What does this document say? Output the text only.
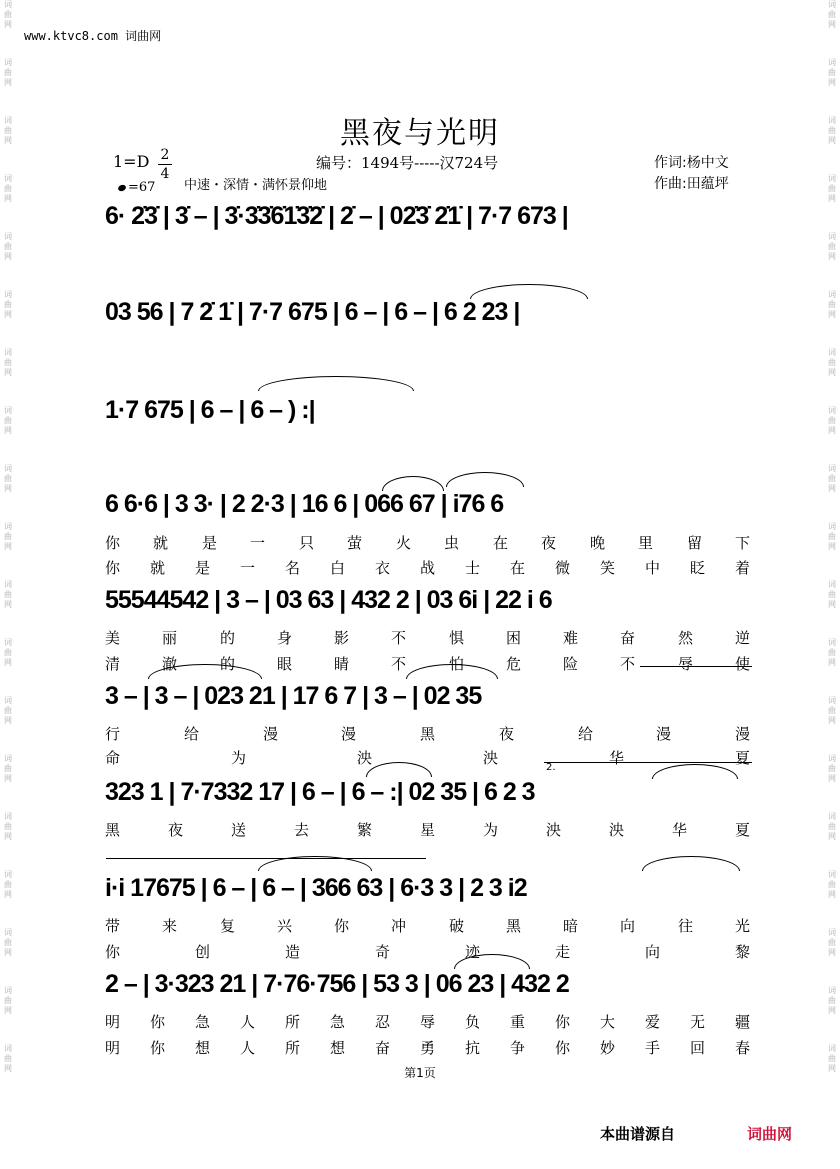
词
曲
网
词
曲
网
词
曲
网
词
曲
网
词
曲
网
词
曲
网
词
曲
网
词
曲
网
词
曲
网
词
曲
网
词
曲
网
词
曲
网
词
曲
网
词
曲
网
词
曲
网
词
曲
网
词
曲
网
词
曲
网
词
曲
网
词
曲
网
词
曲
网
词
曲
网
词
曲
网
词
曲
网
词
曲
网
词
曲
网
词
曲
网
词
曲
网
词
曲
网
词
曲
网
词
曲
网
词
曲
网
词
曲
网
词
曲
网
词
曲
网
词
曲
网
词
曲
网
词
曲
网
www.ktvc8.com 词曲网
黑夜与光明
1=D 2
4
=67 中速・深情・满怀景仰地
编号：1494号-----汉724号	作词:杨中文
作曲:田蕴坪
6· 2̇3̇ | 3̇ – | 3̇·3̇3̇6̇1̇3̇2̇ | 2̇ – | 02̇3̇ 2̇1̇ | 7·7 673 |
03 56 | 7 2̇ 1̇ | 7·7 675 | 6 – | 6 – | 6 2 23 |
1·7 675 | 6 – | 6 – ) :|
6 6·6 | 3 3· | 2 2·3 | 16 6 | 066 67 | i76 6
55544542 | 3 – | 03 63 | 432 2 | 03 6i | 22 i 6
3 – | 3 – | 023 21 | 17 6 7 | 3 – | 02 35
323 1 | 7·7332 17 | 6 – | 6 – :| 02 35 | 6 2 3
i·i 17675 | 6 – | 6 – | 366 63 | 6·3 3 | 2 3 i2
2 – | 3·323 21 | 7·76·756 | 53 3 | 06 23 | 432 2
2.
你 就 是 一 只 萤 火 虫 在 夜 晚 里 留 下
你 就 是 一 名 白 衣 战 士 在 微 笑 中 眨 着
美	丽	的	身	影	不	惧	困	难	奋	然	逆
清	澈	的	眼	睛	不	怕	危	险	不	辱	使
行	给	漫	漫	黑	夜	给	漫	漫
命	为	泱	泱	华	夏
黑	夜	送	去	繁	星	为	泱	泱	华	夏
带	来	复	兴	你	冲	破	黑	暗	向	往	光
你	创	造	奇	迹	走	向	黎
明 你 急 人 所 急 忍 辱 负 重 你 大 爱 无 疆
明 你 想 人 所 想 奋 勇 抗 争 你 妙 手 回 春
第1页
本曲谱源自	词曲网
